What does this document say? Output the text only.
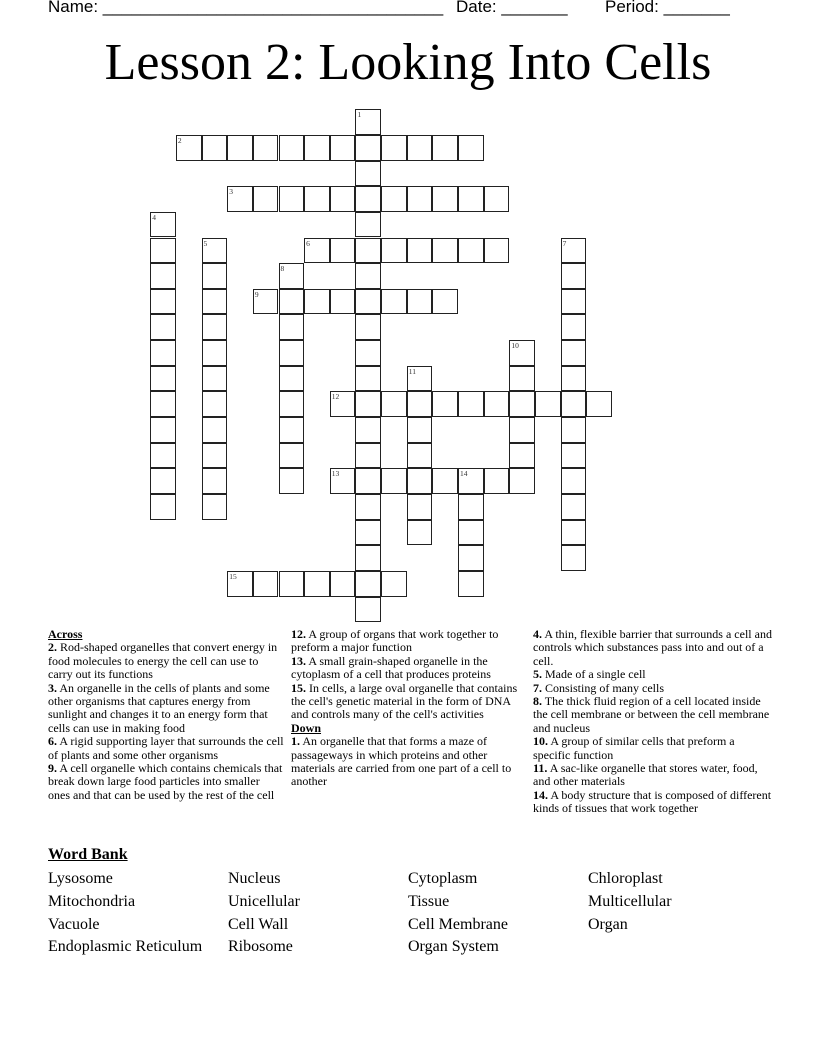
Name: ____________________________________

Date: _______

Period: _______

Lesson 2: Looking Into Cells
1
2
3
4
5	6	7
8
9
10
11
12
13	14
15
Across
2. Rod-shaped organelles that convert energy in food molecules to energy the cell can use to carry out its functions
3. An organelle in the cells of plants and some other organisms that captures energy from sunlight and changes it to an energy form that cells can use in making food
6. A rigid supporting layer that surrounds the cell of plants and some other organisms
9. A cell organelle which contains chemicals that break down large food particles into smaller ones and that can be used by the rest of the cell
12. A group of organs that work together to preform a major function
13. A small grain-shaped organelle in the cytoplasm of a cell that produces proteins
15. In cells, a large oval organelle that contains the cell's genetic material in the form of DNA and controls many of the cell's activities
Down
1. An organelle that that forms a maze of passageways in which proteins and other materials are carried from one part of a cell to another
4. A thin, flexible barrier that surrounds a cell and controls which substances pass into and out of a cell.
5. Made of a single cell
7. Consisting of many cells
8. The thick fluid region of a cell located inside the cell membrane or between the cell membrane and nucleus
10. A group of similar cells that preform a specific function
11. A sac-like organelle that stores water, food, and other materials
14. A body structure that is composed of different kinds of tissues that work together
Word Bank
Lysosome	Nucleus	Cytoplasm	Chloroplast
Mitochondria	Unicellular	Tissue	Multicellular
Vacuole	Cell Wall	Cell Membrane	Organ
Endoplasmic Reticulum	Ribosome	Organ System
